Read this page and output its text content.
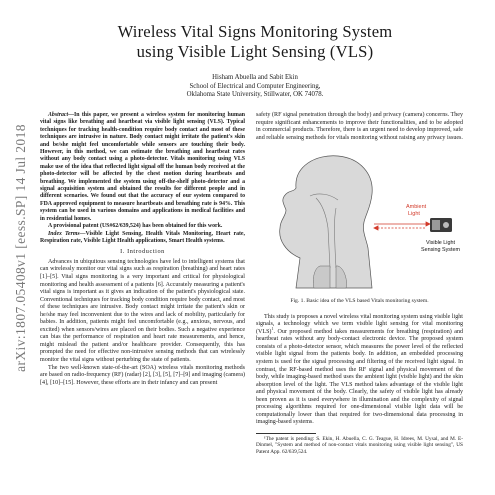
arXiv:1807.05408v1 [eess.SP] 14 Jul 2018
Wireless Vital Signs Monitoring System
using Visible Light Sensing (VLS)
Hisham Abuella and Sabit Ekin
School of Electrical and Computer Engineering,
Oklahoma State University, Stillwater, OK 74078.

Abstract—In this paper, we present a wireless system for monitoring human vital signs like breathing and heartbeat via visible light sensing (VLS). Typical techniques for tracking health-condition require body contact and most of these techniques are intrusive in nature. Body contact might irritate the patient's skin and be/she might feel uncomfortable while sensors are touching their body. However, in this method, we can estimate the breathing and heartbeat rates without any body contact using a photo-detector. Vitals monitoring using VLS make use of the idea that reflected light signal off the human body received at the photo-detector will be affected by the chest motion during heartbeats and breathing. We implemented the system using off-the-shelf photo-detector and a signal acquisition system and obtained the results for different people and in different scenarios. We found out that the accuracy of our system compared to FDA approved equipment to measure heartbeats and breathing rate is 94%. This system can be used in various domains and applications in medical facilities and in residential homes.

A provisional patent (US#62/639,524) has been obtained for this work.

Index Terms—Visible Light Sensing, Health Vitals Monitoring, Heart rate, Respiration rate, Visible Light Health applications, Smart Health systems.

I. Introduction

Advances in ubiquitous sensing technologies have led to intelligent systems that can wirelessly monitor our vital signs such as respiration (breathing) and heart rates [1]–[5]. Vital signs monitoring is a very important and critical for physiological monitoring and health assessment of a patients [6]. Accurately measuring a patient's vital signs is important as it gives an indication of the patient's physiological state. Conventional techniques for tracking body condition require body contact, and most of these techniques are intrusive. Body contact might irritate the patient's skin or he/she may feel inconvenient due to the wires and lack of mobility, particularly for babies. In addition, patients might feel uncomfortable (e.g., anxious, nervous, and excited) when sensors/wires are placed on their bodies. Such a negative experience can bias the performance of respiration and heart rate measurements, and hence, might mislead the patient and/or healthcare provider. Consequently, this has prompted the need for effective non-intrusive sensing methods that can wirelessly monitor the vital signs without perturbing the state of patients.

The two well-known state-of-the-art (SOA) wireless vitals monitoring methods are based on radio-frequency (RF) (radar) [2], [3], [5], [7]–[9] and imaging (camera) [4], [10]–[15]. However, these efforts are in their infancy and can present

safety (RF signal penetration through the body) and privacy (camera) concerns. They require significant enhancements to improve their functionalities, and to be adopted in commercial products. Therefore, there is an urgent need to develop improved, safe and reliable sensing methods for vitals monitoring without raising any privacy issues.

Ambient
Light
Visible Light
Sensing System

Fig. 1. Basic idea of the VLS based Vitals monitoring system.

This study is proposes a novel wireless vital monitoring system using visible light signals, a technology which we term visible light sensing for vital monitoring (VLS)$^1$. Our proposed method takes measurements for breathing (respiration) and heartbeat rates without any body-contact electronic device. The proposed system consists of a photo-detector sensor, which measures the power level of the reflected visible light signal from the patients body. In addition, an embedded processing system is used for the signal processing and filtering of the received light signal. In contrast, the RF-based method uses the RF signal and physical movement of the body, while imaging-based method uses the ambient light (visible light) and the skin absorption level of the light. The VLS method takes advantage of the visible light and physical movement of the body. Clearly, the safety of visible light has already been proven as it is used everywhere in illumination and the complexity of signal processing algorithms required for one-dimensional visible light data will be computationally lower than that required for two-dimensional data processing in imaging-based systems.

¹The patent is pending: S. Ekin, H. Abuella, C. G. Teague, H. Idrees, M. Uysal, and M. E-Dinmel, "System and method of non-contact vitals monitoring using visible light sensing", US Patent App. 62/639,524.
